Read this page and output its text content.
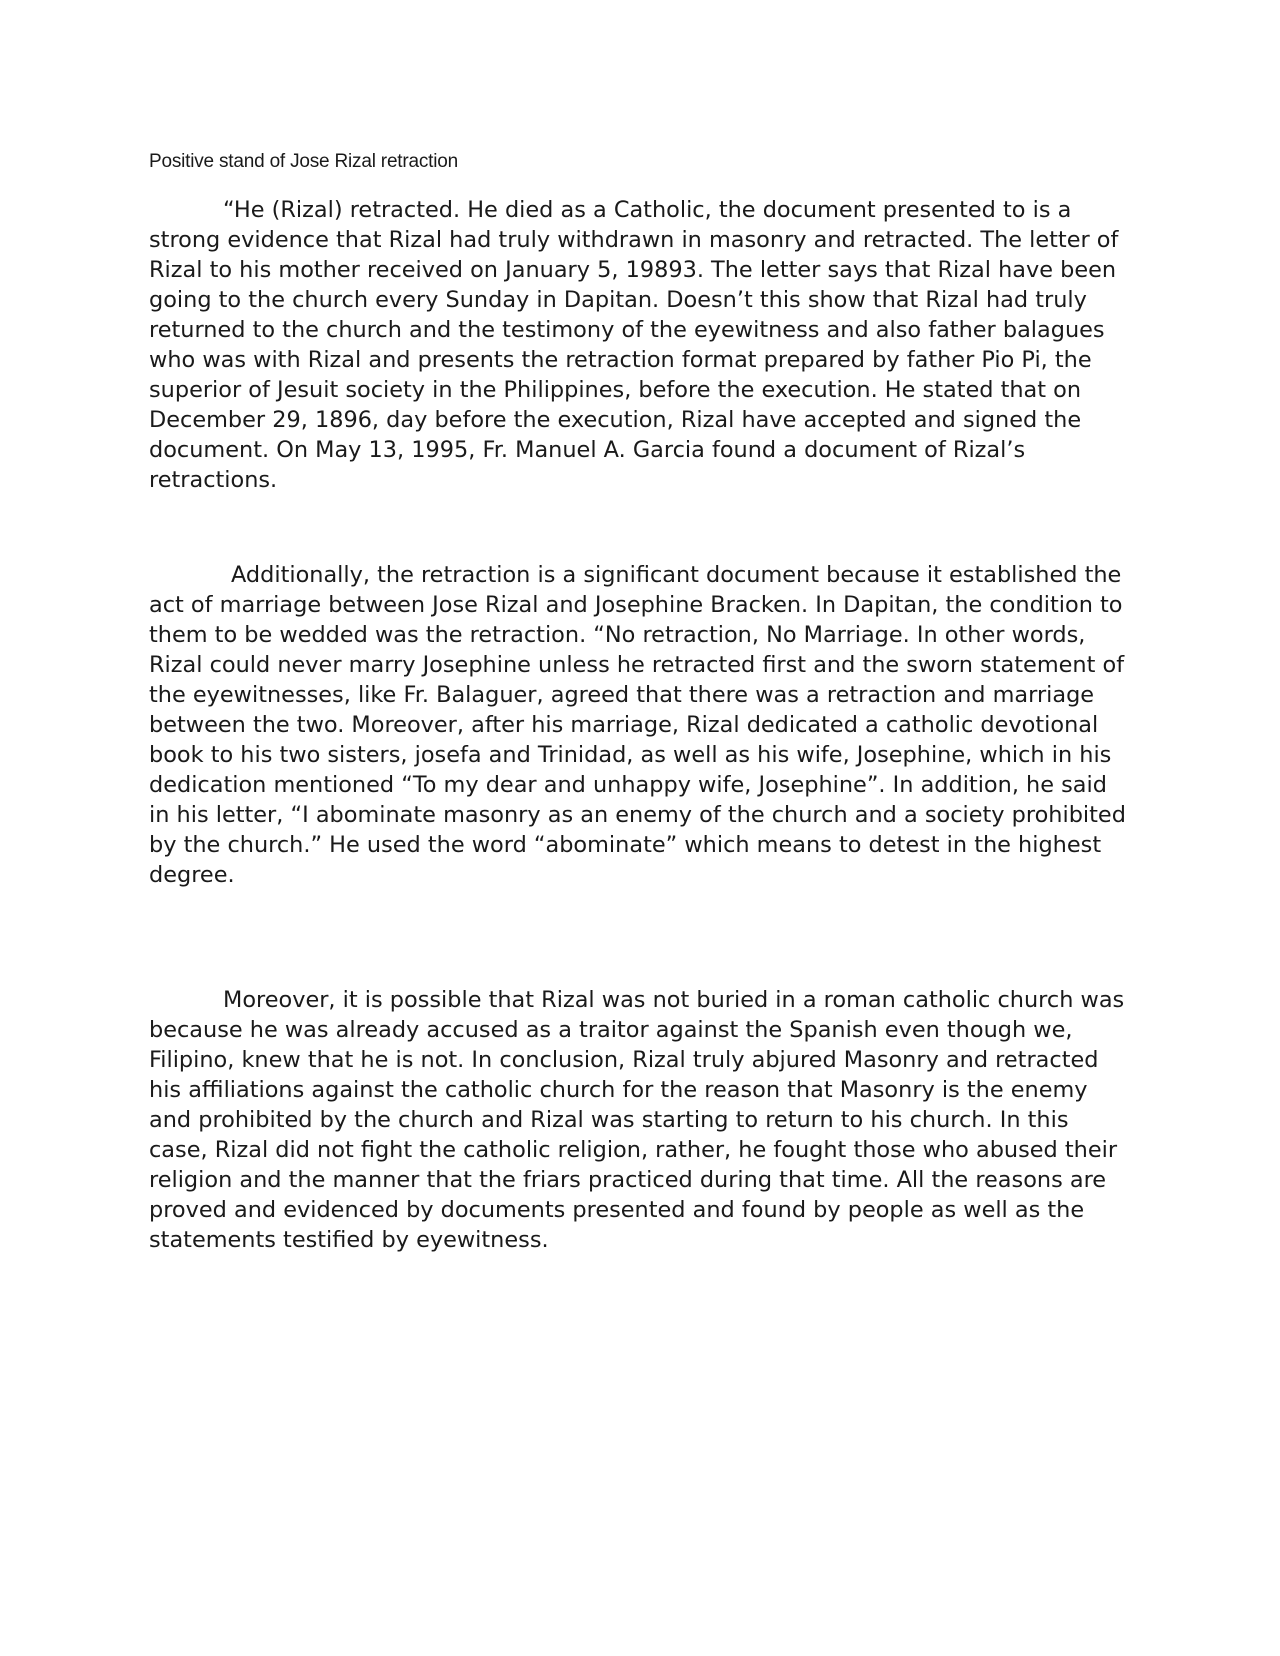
Positive stand of Jose Rizal retraction

“He (Rizal) retracted. He died as a Catholic, the document presented to is a strong evidence that Rizal had truly withdrawn in masonry and retracted. The letter of Rizal to his mother received on January 5, 19893. The letter says that Rizal have been going to the church every Sunday in Dapitan. Doesn’t this show that Rizal had truly returned to the church and the testimony of the eyewitness and also father balagues who was with Rizal and presents the retraction format prepared by father Pio Pi, the superior of Jesuit society in the Philippines, before the execution. He stated that on December 29, 1896, day before the execution, Rizal have accepted and signed the document. On May 13, 1995, Fr. Manuel A. Garcia found a document of Rizal’s retractions.

Additionally, the retraction is a significant document because it established the act of marriage between Jose Rizal and Josephine Bracken. In Dapitan, the condition to them to be wedded was the retraction. “No retraction, No Marriage. In other words, Rizal could never marry Josephine unless he retracted first and the sworn statement of the eyewitnesses, like Fr. Balaguer, agreed that there was a retraction and marriage between the two. Moreover, after his marriage, Rizal dedicated a catholic devotional book to his two sisters, josefa and Trinidad, as well as his wife, Josephine, which in his dedication mentioned “To my dear and unhappy wife, Josephine”. In addition, he said in his letter, “I abominate masonry as an enemy of the church and a society prohibited by the church.” He used the word “abominate” which means to detest in the highest degree.

Moreover, it is possible that Rizal was not buried in a roman catholic church was because he was already accused as a traitor against the Spanish even though we, Filipino, knew that he is not. In conclusion, Rizal truly abjured Masonry and retracted his affiliations against the catholic church for the reason that Masonry is the enemy and prohibited by the church and Rizal was starting to return to his church. In this case, Rizal did not fight the catholic religion, rather, he fought those who abused their religion and the manner that the friars practiced during that time. All the reasons are proved and evidenced by documents presented and found by people as well as the statements testified by eyewitness.
